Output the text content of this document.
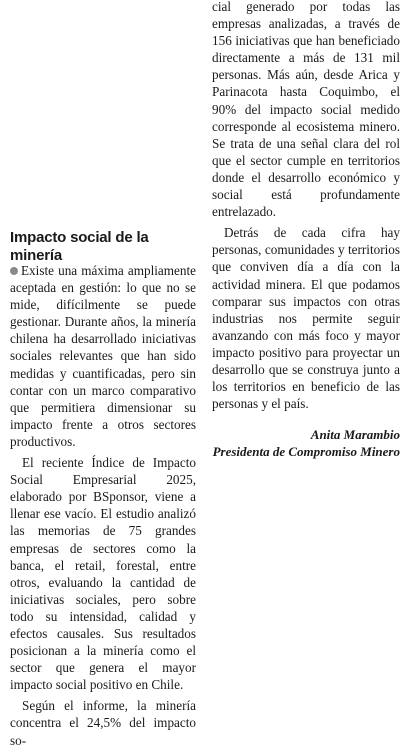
cial generado por todas las empresas analizadas, a través de 156 iniciativas que han beneficiado directamente a más de 131 mil personas. Más aún, desde Arica y Parinacota hasta Coquimbo, el 90% del impacto social medido corresponde al ecosistema minero. Se trata de una señal clara del rol que el sector cumple en territorios donde el desarrollo económico y social está profundamente entrelazado.

Detrás de cada cifra hay personas, comunidades y territorios que conviven día a día con la actividad minera. El que podamos comparar sus impactos con otras industrias nos permite seguir avanzando con más foco y mayor impacto positivo para proyectar un desarrollo que se construya junto a los territorios en beneficio de las personas y el país.

Anita Marambio
Presidenta de Compromiso Minero
Impacto social de la minería

Existe una máxima ampliamente aceptada en gestión: lo que no se mide, difícilmente se puede gestionar. Durante años, la minería chilena ha desarrollado iniciativas sociales relevantes que han sido medidas y cuantificadas, pero sin contar con un marco comparativo que permitiera dimensionar su impacto frente a otros sectores productivos.

El reciente Índice de Impacto Social Empresarial 2025, elaborado por BSponsor, viene a llenar ese vacío. El estudio analizó las memorias de 75 grandes empresas de sectores como la banca, el retail, forestal, entre otros, evaluando la cantidad de iniciativas sociales, pero sobre todo su intensidad, calidad y efectos causales. Sus resultados posicionan a la minería como el sector que genera el mayor impacto social positivo en Chile.

Según el informe, la minería concentra el 24,5% del impacto so-
